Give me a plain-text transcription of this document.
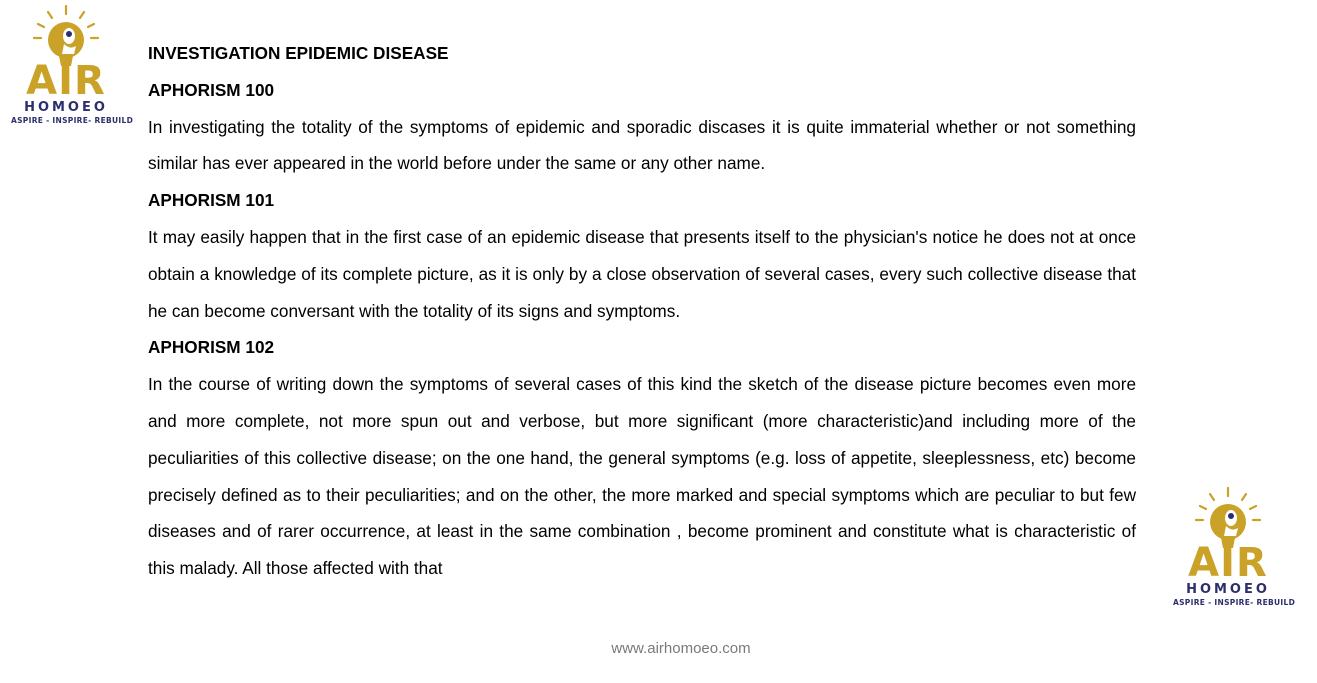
AIR
HOMOEO
ASPIRE - INSPIRE- REBUILD

INVESTIGATION EPIDEMIC DISEASE

APHORISM 100

In investigating the totality of the symptoms of epidemic and sporadic discases it is quite immaterial whether or not something similar has ever appeared in the world before under the same or any other name.

APHORISM 101

It may easily happen that in the first case of an epidemic disease that presents itself to the physician's notice he does not at once obtain a knowledge of its complete picture, as it is only by a close observation of several cases, every such collective disease that he can become conversant with the totality of its signs and symptoms.

APHORISM 102

In the course of writing down the symptoms of several cases of this kind the sketch of the disease picture becomes even more and more complete, not more spun out and verbose, but more significant (more characteristic)and including more of the peculiarities of this collective disease; on the one hand, the general symptoms (e.g. loss of appetite, sleeplessness, etc) become precisely defined as to their peculiarities; and on the other, the more marked and special symptoms which are peculiar to but few diseases and of rarer occurrence, at least in the same combination , become prominent and constitute what is characteristic of this malady. All those affected with that	AIR
HOMOEO
ASPIRE - INSPIRE- REBUILD
www.airhomoeo.com
